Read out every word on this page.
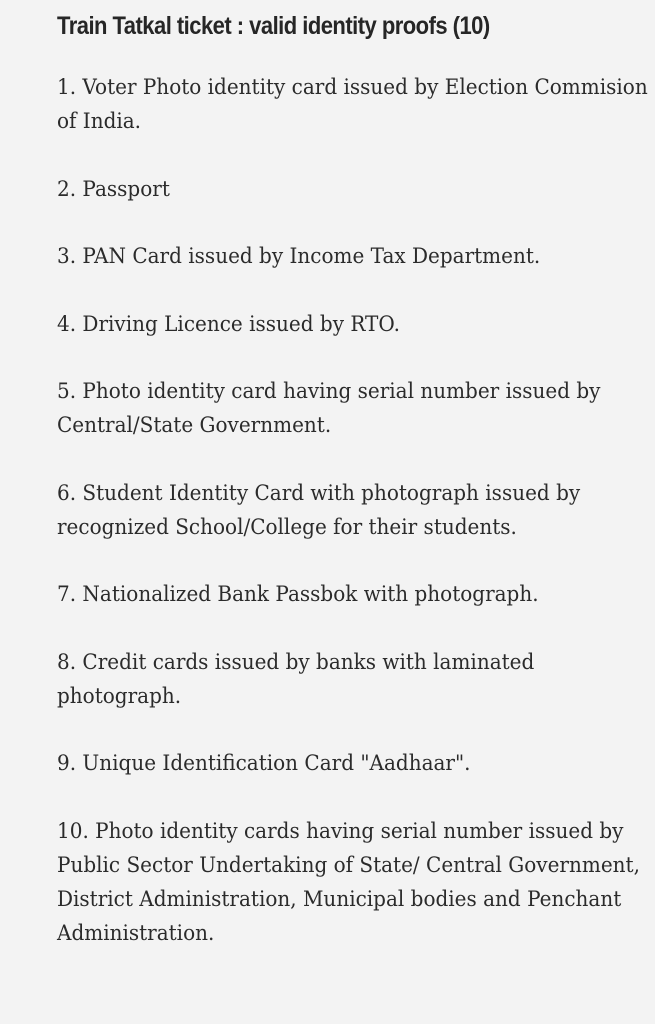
Train Tatkal ticket : valid identity proofs (10)
1. Voter Photo identity card issued by Election Commision of India.
2. Passport
3. PAN Card issued by Income Tax Department.
4. Driving Licence issued by RTO.
5. Photo identity card having serial number issued by Central/State Government.
6. Student Identity Card with photograph issued by recognized School/College for their students.
7. Nationalized Bank Passbok with photograph.
8. Credit cards issued by banks with laminated photograph.
9. Unique Identification Card "Aadhaar".
10. Photo identity cards having serial number issued by Public Sector Undertaking of State/ Central Government, District Administration, Municipal bodies and Penchant Administration.
